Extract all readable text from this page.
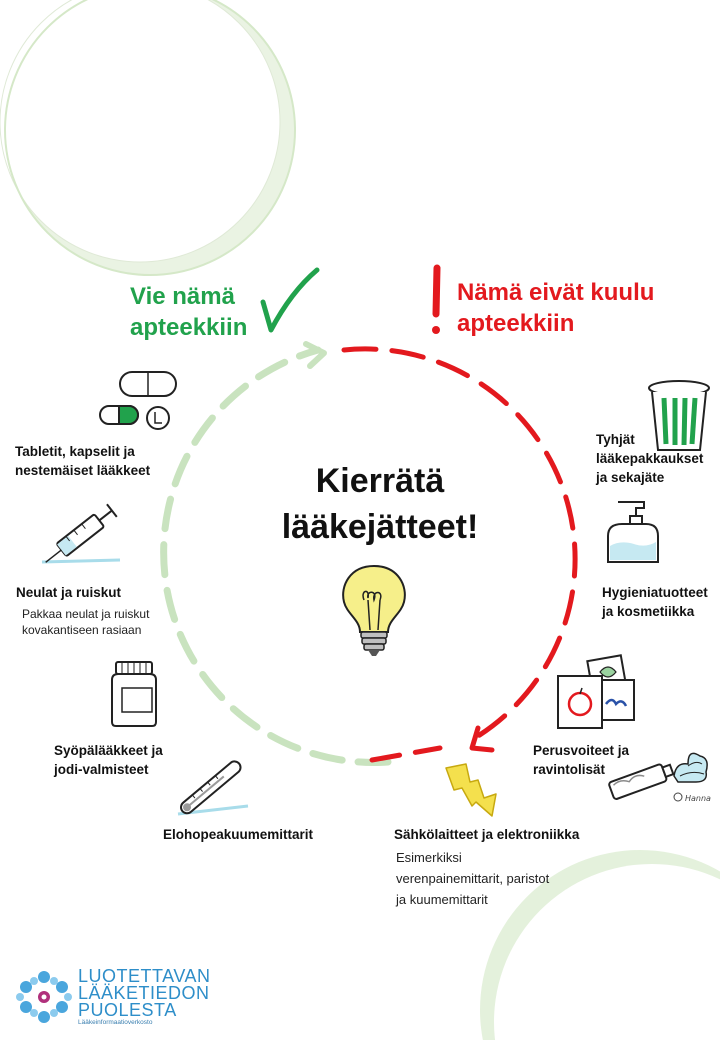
Vie nämä
apteekkiin
Nämä eivät kuulu
apteekkiin
Kierrätä
lääkejätteet!
Tabletit, kapselit ja
nestemäiset lääkkeet
Neulat ja ruiskut
Pakkaa neulat ja ruiskut
kovakantiseen rasiaan
Syöpälääkkeet ja
jodi-valmisteet
Elohopeakuumemittarit
Tyhjät
lääkepakkaukset
ja sekajäte
Hygieniatuotteet
ja kosmetiikka
Perusvoiteet ja
ravintolisät
Hanna
Sähkölaitteet ja elektroniikka
Esimerkiksi
verenpainemittarit, paristot
ja kuumemittarit
LUOTETTAVAN
LÄÄKETIEDON
PUOLESTA
Lääkeinformaatioverkosto
